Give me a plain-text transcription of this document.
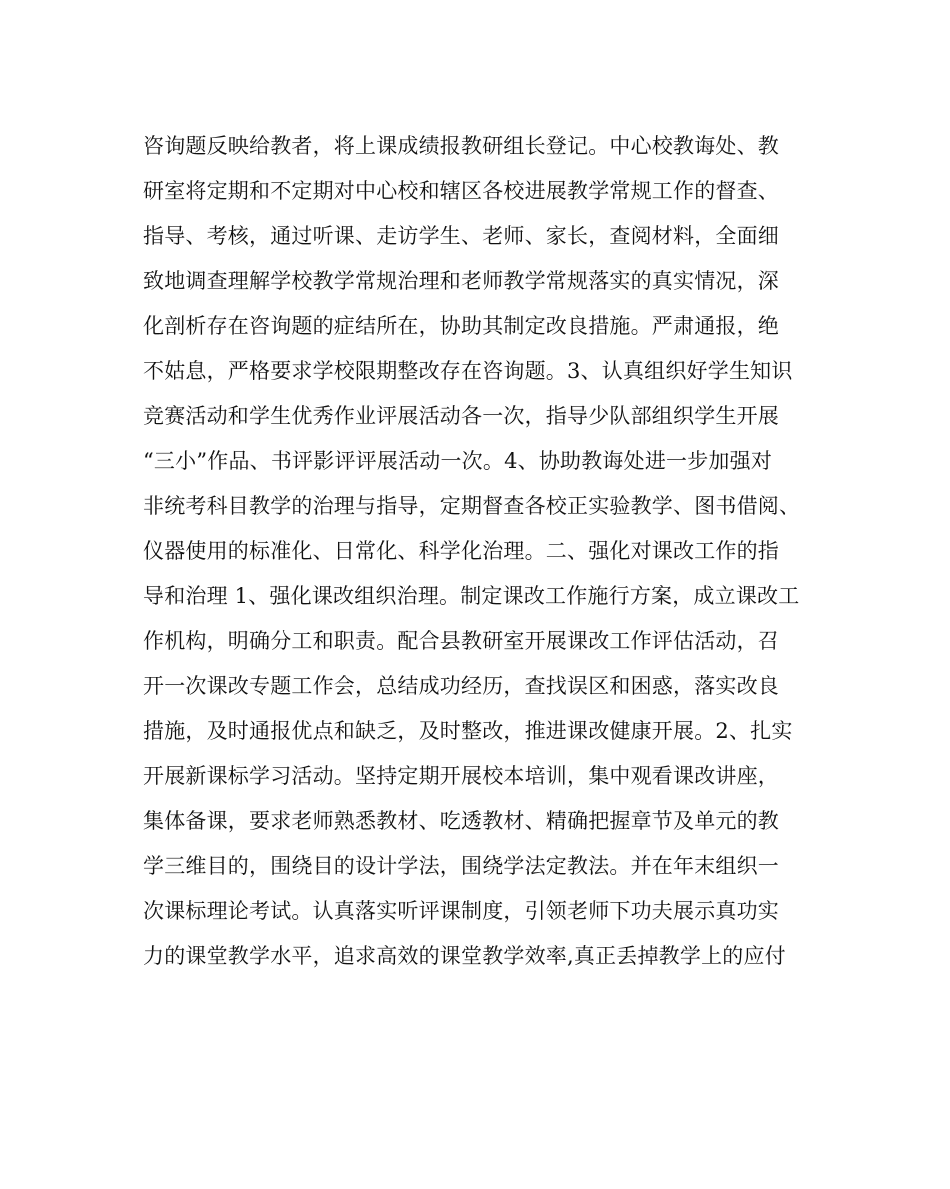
咨询题反映给教者，将上课成绩报教研组长登记。中心校教诲处、教
研室将定期和不定期对中心校和辖区各校进展教学常规工作的督查、
指导、考核，通过听课、走访学生、老师、家长，查阅材料，全面细
致地调查理解学校教学常规治理和老师教学常规落实的真实情况，深
化剖析存在咨询题的症结所在，协助其制定改良措施。严肃通报，绝
不姑息，严格要求学校限期整改存在咨询题。3、认真组织好学生知识
竞赛活动和学生优秀作业评展活动各一次，指导少队部组织学生开展
“三小”作品、书评影评评展活动一次。4、协助教诲处进一步加强对
非统考科目教学的治理与指导，定期督查各校正实验教学、图书借阅、
仪器使用的标准化、日常化、科学化治理。二、强化对课改工作的指
导和治理 1、强化课改组织治理。制定课改工作施行方案，成立课改工
作机构，明确分工和职责。配合县教研室开展课改工作评估活动，召
开一次课改专题工作会，总结成功经历，查找误区和困惑，落实改良
措施，及时通报优点和缺乏，及时整改，推进课改健康开展。2、扎实
开展新课标学习活动。坚持定期开展校本培训，集中观看课改讲座，
集体备课，要求老师熟悉教材、吃透教材、精确把握章节及单元的教
学三维目的，围绕目的设计学法，围绕学法定教法。并在年末组织一
次课标理论考试。认真落实听评课制度，引领老师下功夫展示真功实
力的课堂教学水平，追求高效的课堂教学效率,真正丢掉教学上的应付
